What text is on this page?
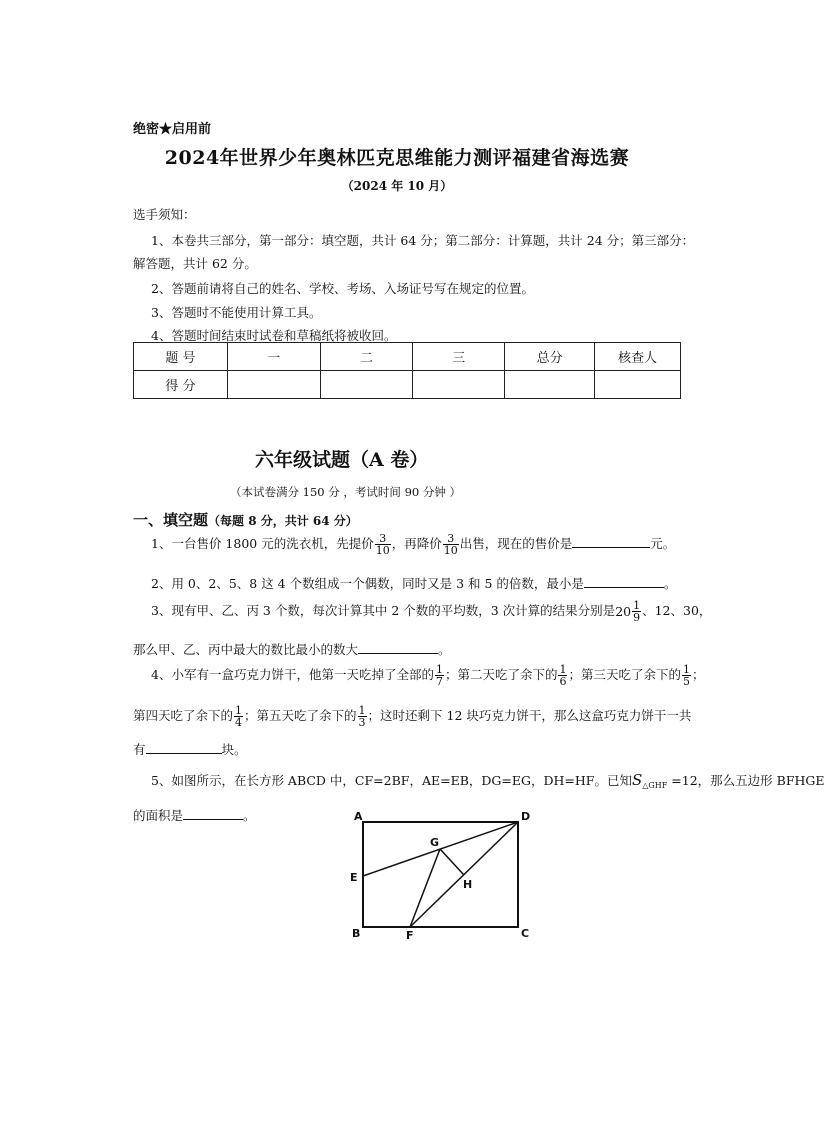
绝密★启用前
2024年世界少年奥林匹克思维能力测评福建省海选赛
（2024 年 10 月）
选手须知：
1、本卷共三部分，第一部分：填空题，共计 64 分；第二部分：计算题，共计 24 分；第三部分：
解答题，共计 62 分。
2、答题前请将自己的姓名、学校、考场、入场证号写在规定的位置。
3、答题时不能使用计算工具。
4、答题时间结束时试卷和草稿纸将被收回。
题 号	一	二	三	总分	核查人
得 分					
六年级试题（A 卷）
（本试卷满分 150 分 ，考试时间 90 分钟 ）
一、填空题（每题 8 分，共计 64 分）
1、一台售价 1800 元的洗衣机，先提价 $\frac{3}{10}$ ，再降价 $\frac{3}{10}$ 出售，现在的售价是	元。
2、用 0、2、5、8 这 4 个数组成一个偶数，同时又是 3 和 5 的倍数，最小是	。
3、现有甲、乙、丙 3 个数，每次计算其中 2 个数的平均数，3 次计算的结果分别是$20 \frac{1}{9}$ 、12、30，
那么甲、乙、丙中最大的数比最小的数大	。
4、小军有一盒巧克力饼干，他第一天吃掉了全部的 $\frac{1}{7}$ ；第二天吃了余下的 $\frac{1}{6}$ ；第三天吃了余下的 $\frac{1}{5}$ ；
第四天吃了余下的 $\frac{1}{4}$ ；第五天吃了余下的 $\frac{1}{3}$ ；这时还剩下 12 块巧克力饼干，那么这盒巧克力饼干一共
有	块。
5、如图所示，在长方形 ABCD 中，CF=2BF，AE=EB，DG=EG，DH=HF。已知$S_{\triangle GHF} =12$，那么五边形 BFHGE
的面积是	。	A	D
E
G
H
B	F	C
